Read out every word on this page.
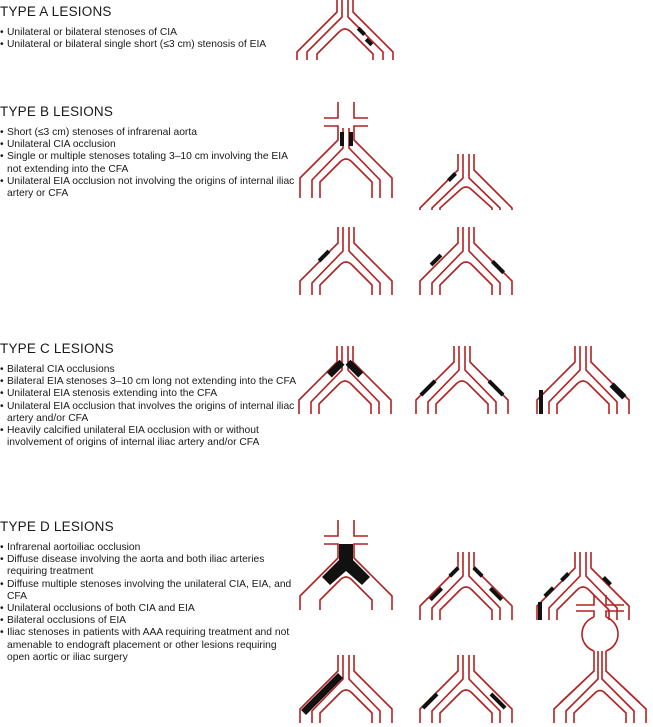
TYPE A LESIONS
• Unilateral or bilateral stenoses of CIA
• Unilateral or bilateral single short (≤3 cm) stenosis of EIA
TYPE B LESIONS
• Short (≤3 cm) stenoses of infrarenal aorta
• Unilateral CIA occlusion
• Single or multiple stenoses totaling 3–10 cm involving the EIA not extending into the CFA
• Unilateral EIA occlusion not involving the origins of internal iliac artery or CFA
TYPE C LESIONS
• Bilateral CIA occlusions
• Bilateral EIA stenoses 3–10 cm long not extending into the CFA
• Unilateral EIA stenosis extending into the CFA
• Unilateral EIA occlusion that involves the origins of internal iliac artery and/or CFA
• Heavily calcified unilateral EIA occlusion with or without involvement of origins of internal iliac artery and/or CFA
TYPE D LESIONS
• Infrarenal aortoiliac occlusion
• Diffuse disease involving the aorta and both iliac arteries requiring treatment
• Diffuse multiple stenoses involving the unilateral CIA, EIA, and CFA
• Unilateral occlusions of both CIA and EIA
• Bilateral occlusions of EIA
• Iliac stenoses in patients with AAA requiring treatment and not amenable to endograft placement or other lesions requiring open aortic or iliac surgery
